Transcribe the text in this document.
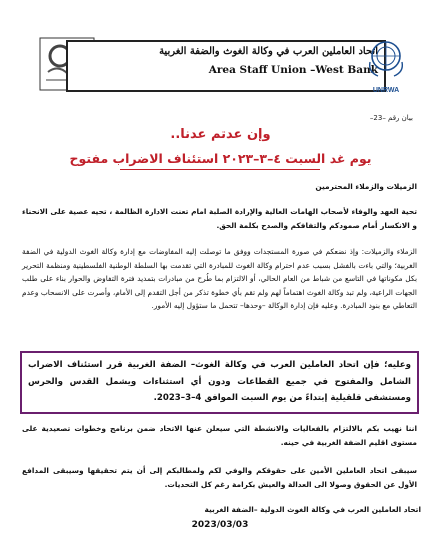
اتحاد العاملين العرب في وكالة الغوث والضفة الغربية
Area Staff Union –West Bank
UNRWA
بيان رقم –23–
وإن عدتم عدنا..
يوم غد السبت ٤–٣–٢٠٢٣ استئناف الاضراب مفتوح
الزميلات والزملاء المحترمين
تحية العهد والوفاء لأصحاب الهامات العالية والإرادة الصلبة امام تعنت الادارة الظالمة ، تحيه عصية على الانحناء و الانكسار أمام صمودكم والتفافكم والصدح بكلمة الحق.
الزملاء والزميلات: وإذ نضعكم في صورة المستجدات ووفق ما توصلت إليه المفاوضات مع إدارة وكالة الغوث الدولية في الضفة الغربية؛ والتي باءت بالفشل بسبب عدم احترام وكالة الغوث للمبادرة التي تقدمت بها السلطة الوطنية الفلسطينية ومنظمة التحرير بكل مكوناتها في التاسع من شباط من العام الحالي، أو الالتزام بما طُرح من مبادرات بتمديد فترة التفاوض والحوار بناء على طلب الجهات الراعية، ولم تبد وكالة الغوث اهتماماً لهم ولم تقم بأي خطوة تذكر من أجل التقدم إلى الأمام، وأصرت على الانسحاب وعدم التعاطي مع بنود المبادرة. وعليه فإن إدارة الوكالة –وحدها– تتحمل ما ستؤول إليه الأمور.
وعليه؛ فإن اتحاد العاملين العرب في وكالة الغوث– الضفة الغربية قرر استئناف الاضراب الشامل والمفتوح في جميع القطاعات ودون أي استثناءات ويشمل القدس والحرس ومستشفى قلقيلية إبتداءً من يوم السبت الموافق 4–3–2023.
اننا نهيب بكم بالالتزام بالفعاليات والانشطة التي سيعلن عنها الاتحاد ضمن برنامج وخطوات تصعيدية على مستوى اقليم الضفة الغربية في حينه.
سيبقى اتحاد العاملين الأمين على حقوقكم والوفي لكم ولمطالبكم إلى أن يتم تحقيقها وسيبقى المدافع الأول عن الحقوق وصولا الى العدالة والعيش بكرامة رغم كل التحديات.
اتحاد العاملين العرب في وكالة الغوث الدولية –الضفة الغربية
2023/03/03
